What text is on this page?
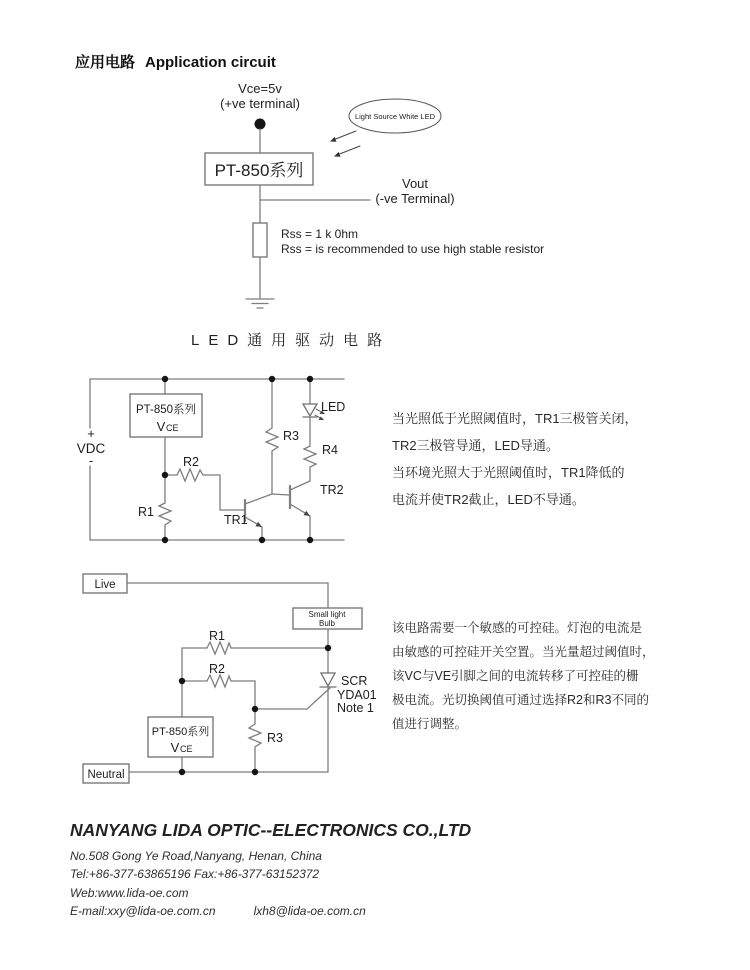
PT-850系列
Light Source White LED
+
VDC
-
PT-850系列
V CE
R2
R1
R3
R4
TR1
TR2
LED
Live
Neutral
Small light
Bulb
R1
R2
R3
SCR
YDA01
Note 1
PT-850系列
V CE
应用电路 Application circuit
Vce=5v
(+ve terminal)
Vout
(-ve Terminal)
Rss = 1 k 0hm
Rss = is recommended to use high stable resistor
LED通用驱动电路
当光照低于光照阈值时，TR1三极管关闭，
TR2三极管导通，LED导通。
当环境光照大于光照阈值时，TR1降低的
电流并使TR2截止，LED不导通。
该电路需要一个敏感的可控硅。灯泡的电流是
由敏感的可控硅开关空置。当光量超过阈值时，
该VC与VE引脚之间的电流转移了可控硅的栅
极电流。光切换阈值可通过选择R2和R3不同的
值进行调整。
NANYANG LIDA OPTIC--ELECTRONICS CO.,LTD
No.508 Gong Ye Road,Nanyang, Henan, China
Tel:+86-377-63865196 Fax:+86-377-63152372
Web:www.lida-oe.com
E-mail:xxy@lida-oe.com.cn	lxh8@lida-oe.com.cn
